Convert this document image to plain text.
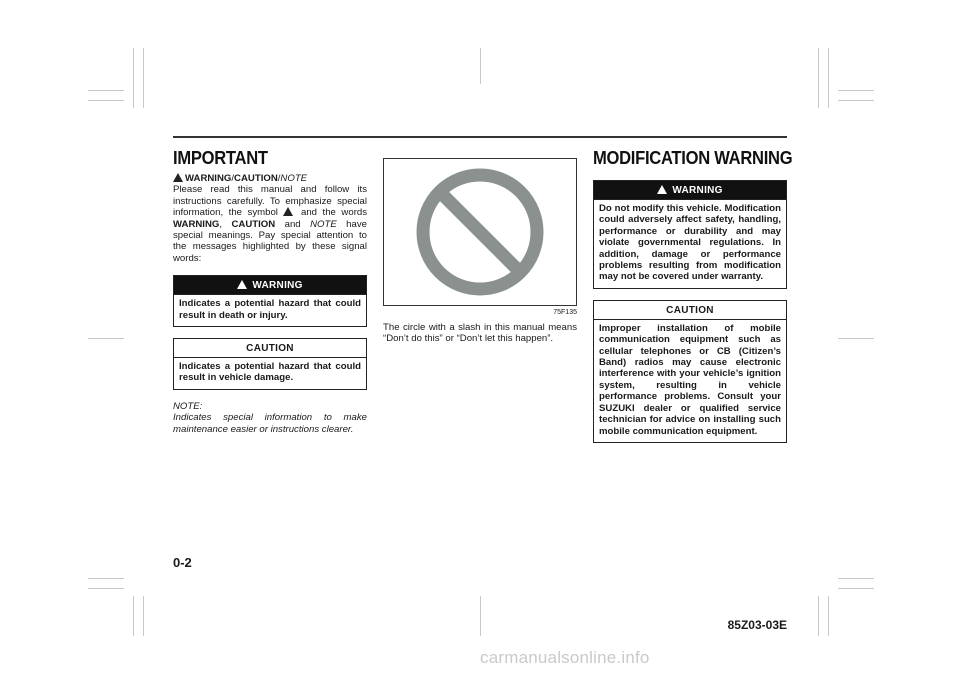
IMPORTANT
WARNING/CAUTION/NOTE

Please read this manual and follow its instructions carefully. To emphasize special information, the symbol and the words WARNING, CAUTION and NOTE have special meanings. Pay special attention to the messages highlighted by these signal words:

WARNING
Indicates a potential hazard that could result in death or injury.
CAUTION
Indicates a potential hazard that could result in vehicle damage.
NOTE:
Indicates special information to make maintenance easier or instructions clearer.
75F135

The circle with a slash in this manual means “Don’t do this” or “Don’t let this happen”.

MODIFICATION WARNING
WARNING
Do not modify this vehicle. Modification could adversely affect safety, handling, performance or durability and may violate governmental regulations. In addition, damage or performance problems resulting from modification may not be covered under warranty.
CAUTION
Improper installation of mobile communication equipment such as cellular telephones or CB (Citizen’s Band) radios may cause electronic interference with your vehicle’s ignition system, resulting in vehicle performance problems. Consult your SUZUKI dealer or qualified service technician for advice on installing such mobile communication equipment.
0-2
85Z03-03E
carmanualsonline.info
